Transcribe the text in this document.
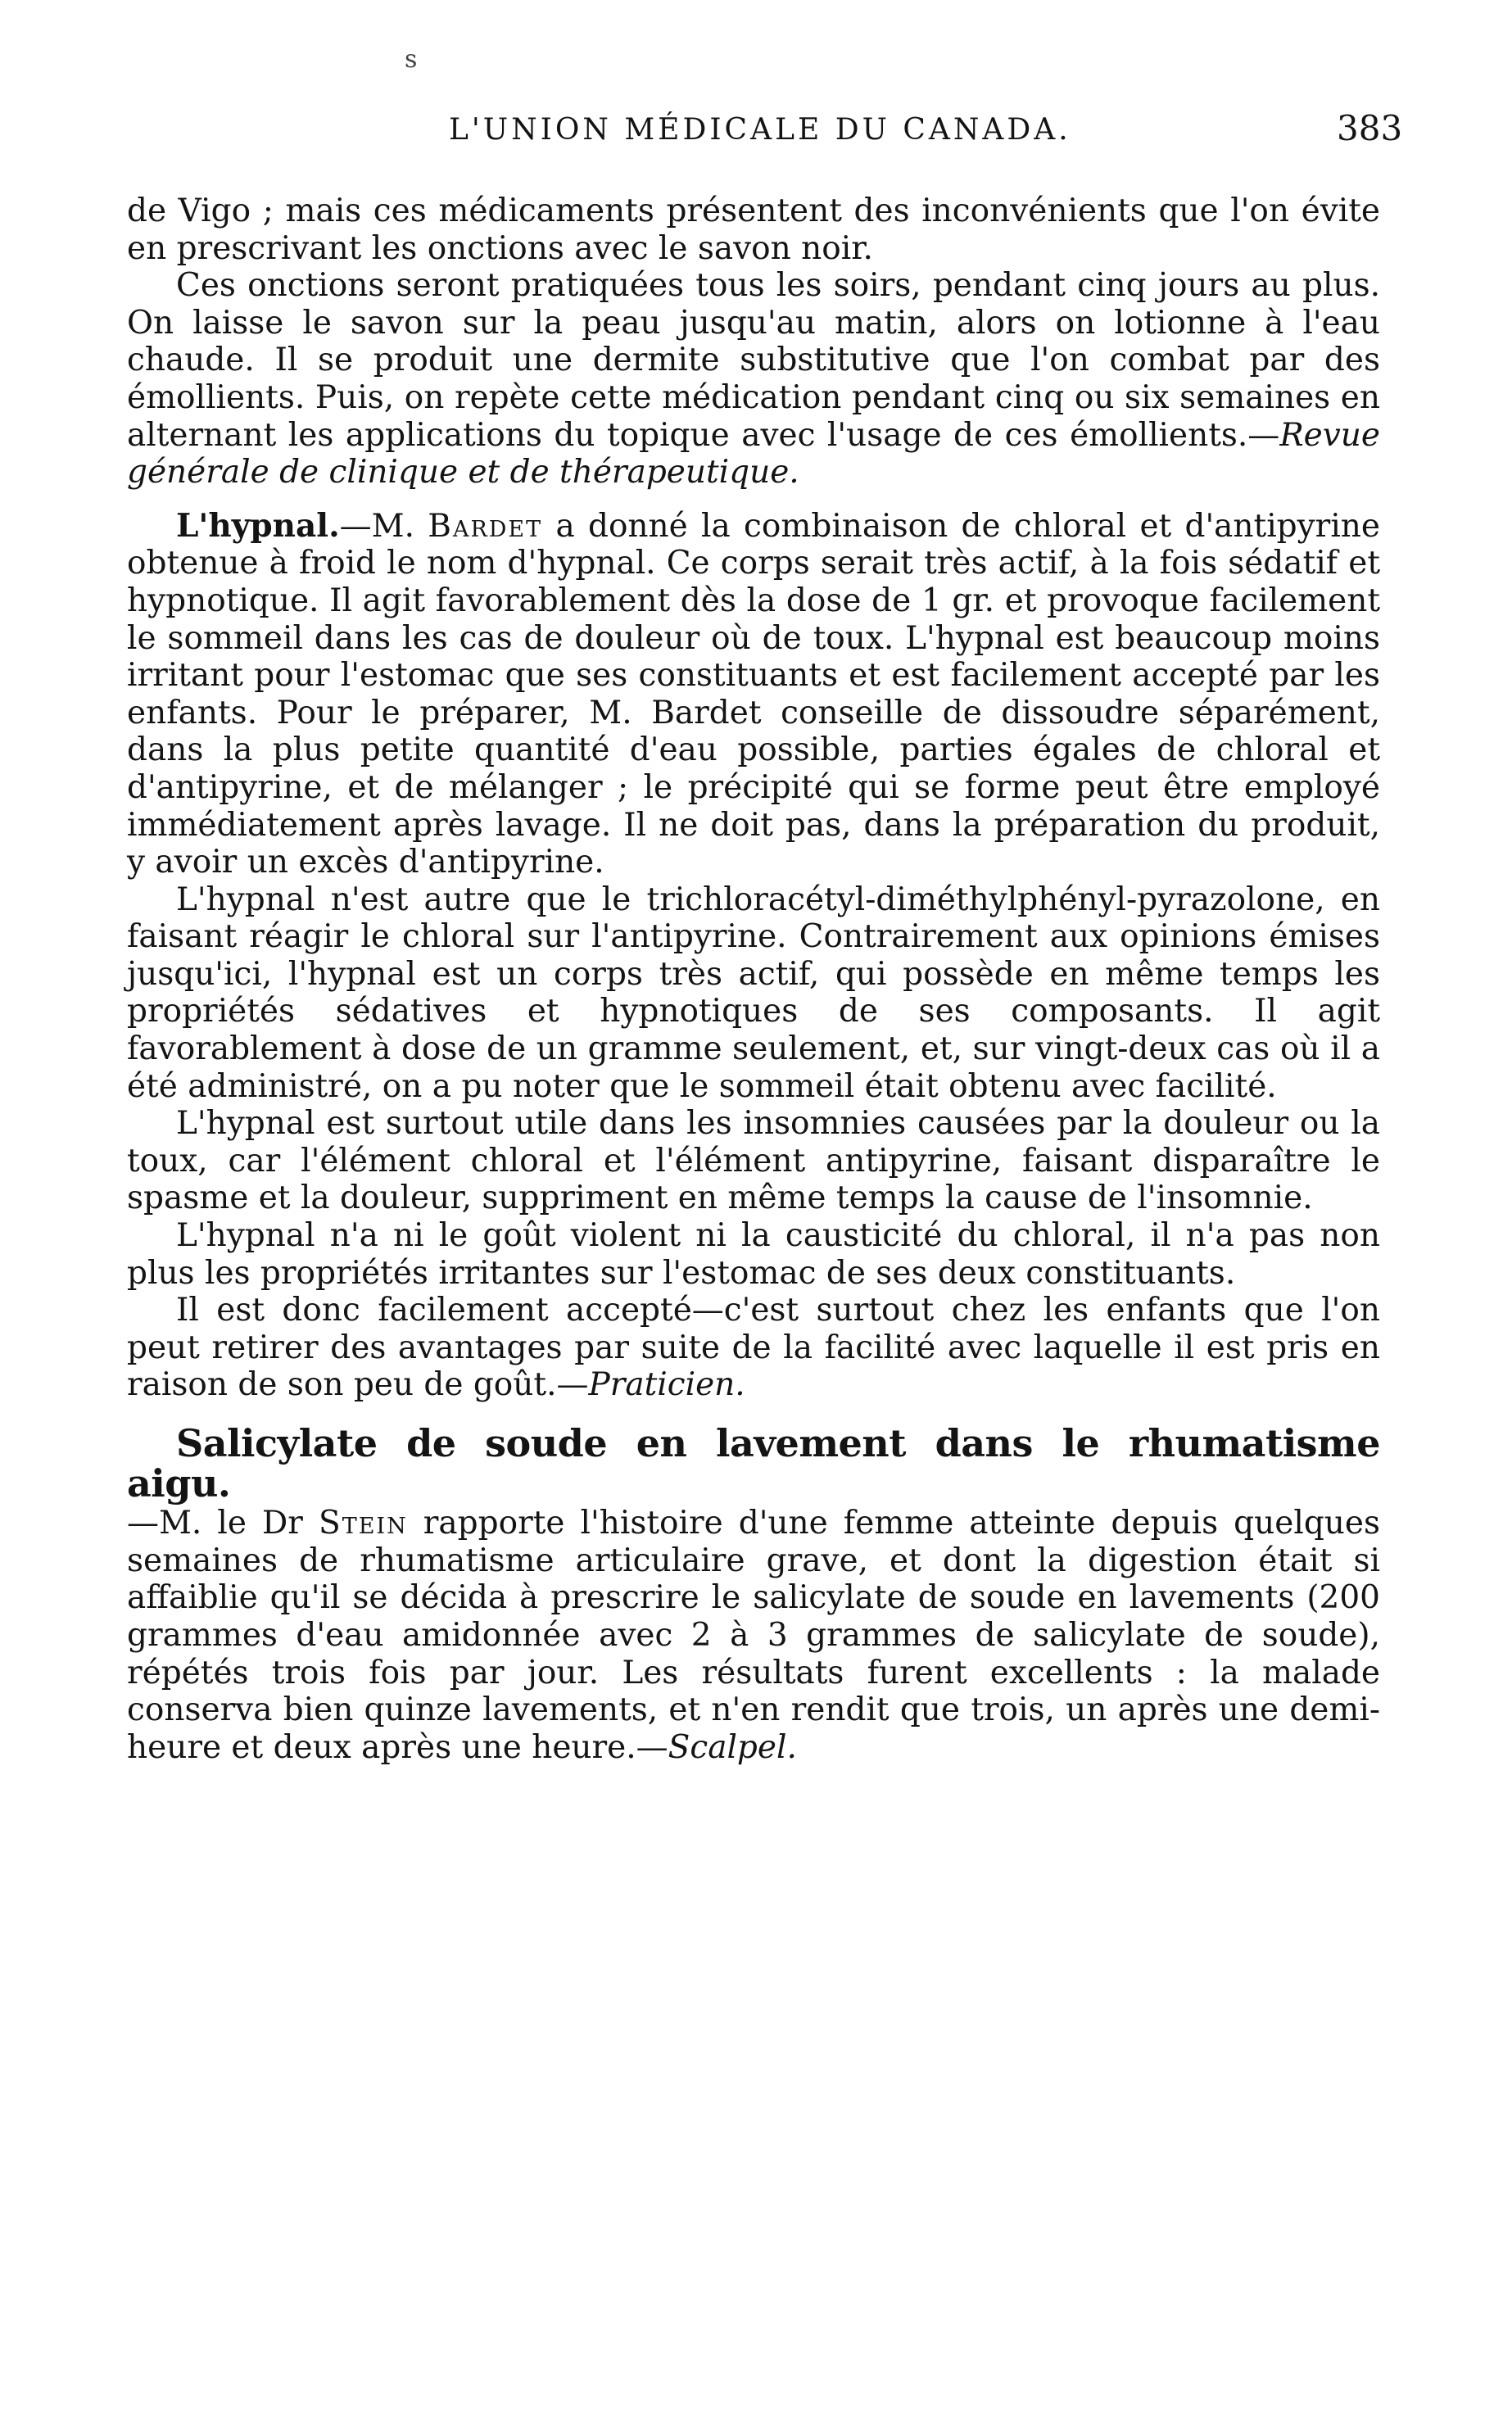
s
L'UNION MÉDICALE DU CANADA.	383

de Vigo ; mais ces médicaments présentent des inconvénients que l'on évite en prescrivant les onctions avec le savon noir.

Ces onctions seront pratiquées tous les soirs, pendant cinq jours au plus. On laisse le savon sur la peau jusqu'au matin, alors on lotionne à l'eau chaude. Il se produit une dermite substitutive que l'on combat par des émollients. Puis, on repète cette médication pendant cinq ou six semaines en alternant les applications du topique avec l'usage de ces émollients.—Revue générale de clinique et de thérapeutique.

L'hypnal.—M. Bardet a donné la combinaison de chloral et d'antipyrine obtenue à froid le nom d'hypnal. Ce corps serait très actif, à la fois sédatif et hypnotique. Il agit favorablement dès la dose de 1 gr. et provoque facilement le sommeil dans les cas de douleur où de toux. L'hypnal est beaucoup moins irritant pour l'estomac que ses constituants et est facilement accepté par les enfants. Pour le préparer, M. Bardet conseille de dissoudre séparément, dans la plus petite quantité d'eau possible, parties égales de chloral et d'antipyrine, et de mélanger ; le précipité qui se forme peut être employé immédiatement après lavage. Il ne doit pas, dans la préparation du produit, y avoir un excès d'antipyrine.

L'hypnal n'est autre que le trichloracétyl-diméthylphényl-pyrazolone, en faisant réagir le chloral sur l'antipyrine. Contrairement aux opinions émises jusqu'ici, l'hypnal est un corps très actif, qui possède en même temps les propriétés sédatives et hypnotiques de ses composants. Il agit favorablement à dose de un gramme seulement, et, sur vingt-deux cas où il a été administré, on a pu noter que le sommeil était obtenu avec facilité.

L'hypnal est surtout utile dans les insomnies causées par la douleur ou la toux, car l'élément chloral et l'élément antipyrine, faisant disparaître le spasme et la douleur, suppriment en même temps la cause de l'insomnie.

L'hypnal n'a ni le goût violent ni la causticité du chloral, il n'a pas non plus les propriétés irritantes sur l'estomac de ses deux constituants.

Il est donc facilement accepté—c'est surtout chez les enfants que l'on peut retirer des avantages par suite de la facilité avec laquelle il est pris en raison de son peu de goût.—Praticien.

Salicylate de soude en lavement dans le rhumatisme aigu.

—M. le Dr Stein rapporte l'histoire d'une femme atteinte depuis quelques semaines de rhumatisme articulaire grave, et dont la digestion était si affaiblie qu'il se décida à prescrire le salicylate de soude en lavements (200 grammes d'eau amidonnée avec 2 à 3 grammes de salicylate de soude), répétés trois fois par jour. Les résultats furent excellents : la malade conserva bien quinze lavements, et n'en rendit que trois, un après une demi-heure et deux après une heure.—Scalpel.
